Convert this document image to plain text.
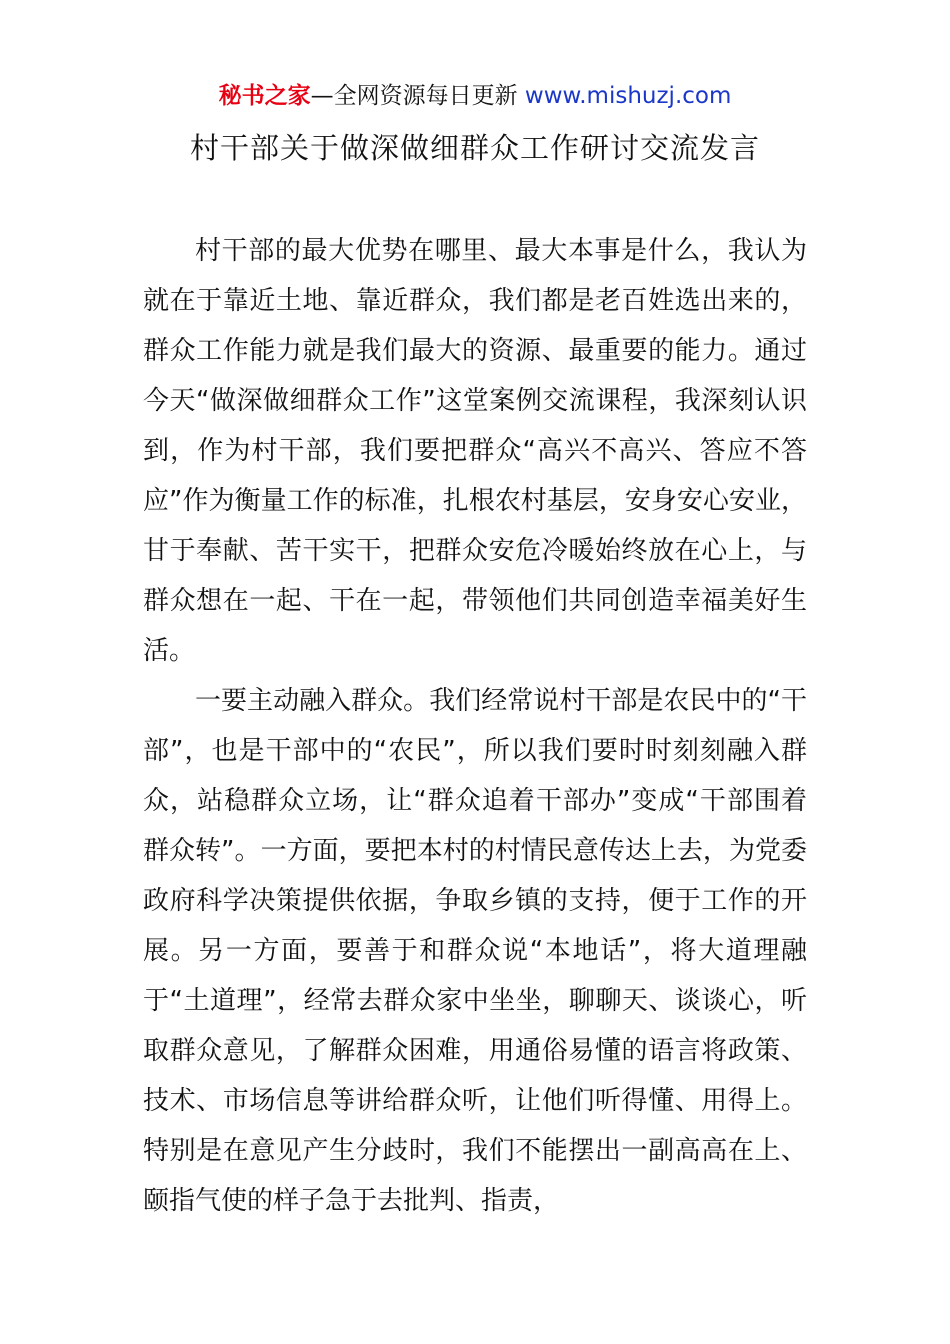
秘书之家—全网资源每日更新 www.mishuzj.com
村干部关于做深做细群众工作研讨交流发言

村干部的最大优势在哪里、最大本事是什么，我认为就在于靠近土地、靠近群众，我们都是老百姓选出来的，群众工作能力就是我们最大的资源、最重要的能力。通过今天“做深做细群众工作”这堂案例交流课程，我深刻认识到，作为村干部，我们要把群众“高兴不高兴、答应不答应”作为衡量工作的标准，扎根农村基层，安身安心安业，甘于奉献、苦干实干，把群众安危冷暖始终放在心上，与群众想在一起、干在一起，带领他们共同创造幸福美好生活。

一要主动融入群众。我们经常说村干部是农民中的“干部”，也是干部中的“农民”，所以我们要时时刻刻融入群众，站稳群众立场，让“群众追着干部办”变成“干部围着群众转”。一方面，要把本村的村情民意传达上去，为党委政府科学决策提供依据，争取乡镇的支持，便于工作的开展。另一方面，要善于和群众说“本地话”，将大道理融于“土道理”，经常去群众家中坐坐，聊聊天、谈谈心，听取群众意见，了解群众困难，用通俗易懂的语言将政策、技术、市场信息等讲给群众听，让他们听得懂、用得上。特别是在意见产生分歧时，我们不能摆出一副高高在上、颐指气使的样子急于去批判、指责，
